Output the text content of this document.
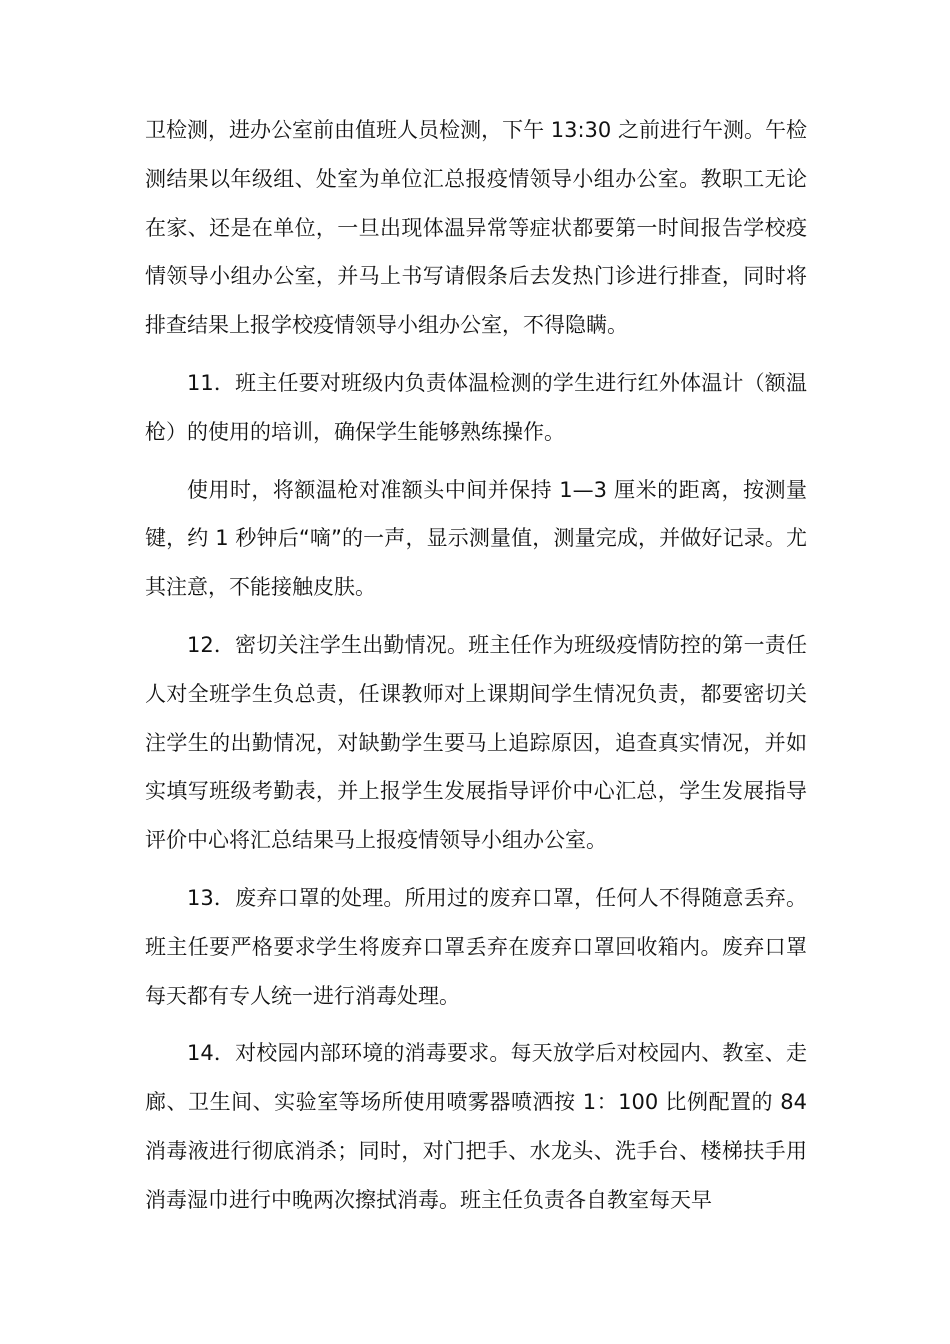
卫检测，进办公室前由值班人员检测，下午 13:30 之前进行午测。午检测结果以年级组、处室为单位汇总报疫情领导小组办公室。教职工无论在家、还是在单位，一旦出现体温异常等症状都要第一时间报告学校疫情领导小组办公室，并马上书写请假条后去发热门诊进行排查，同时将排查结果上报学校疫情领导小组办公室，不得隐瞒。

11．班主任要对班级内负责体温检测的学生进行红外体温计（额温枪）的使用的培训，确保学生能够熟练操作。

使用时，将额温枪对准额头中间并保持 1—3 厘米的距离，按测量键，约 1 秒钟后“嘀”的一声，显示测量值，测量完成，并做好记录。尤其注意，不能接触皮肤。

12．密切关注学生出勤情况。班主任作为班级疫情防控的第一责任人对全班学生负总责，任课教师对上课期间学生情况负责，都要密切关注学生的出勤情况，对缺勤学生要马上追踪原因，追查真实情况，并如实填写班级考勤表，并上报学生发展指导评价中心汇总，学生发展指导评价中心将汇总结果马上报疫情领导小组办公室。

13．废弃口罩的处理。所用过的废弃口罩，任何人不得随意丢弃。班主任要严格要求学生将废弃口罩丢弃在废弃口罩回收箱内。废弃口罩每天都有专人统一进行消毒处理。

14．对校园内部环境的消毒要求。每天放学后对校园内、教室、走廊、卫生间、实验室等场所使用喷雾器喷洒按 1：100 比例配置的 84 消毒液进行彻底消杀；同时，对门把手、水龙头、洗手台、楼梯扶手用消毒湿巾进行中晚两次擦拭消毒。班主任负责各自教室每天早
